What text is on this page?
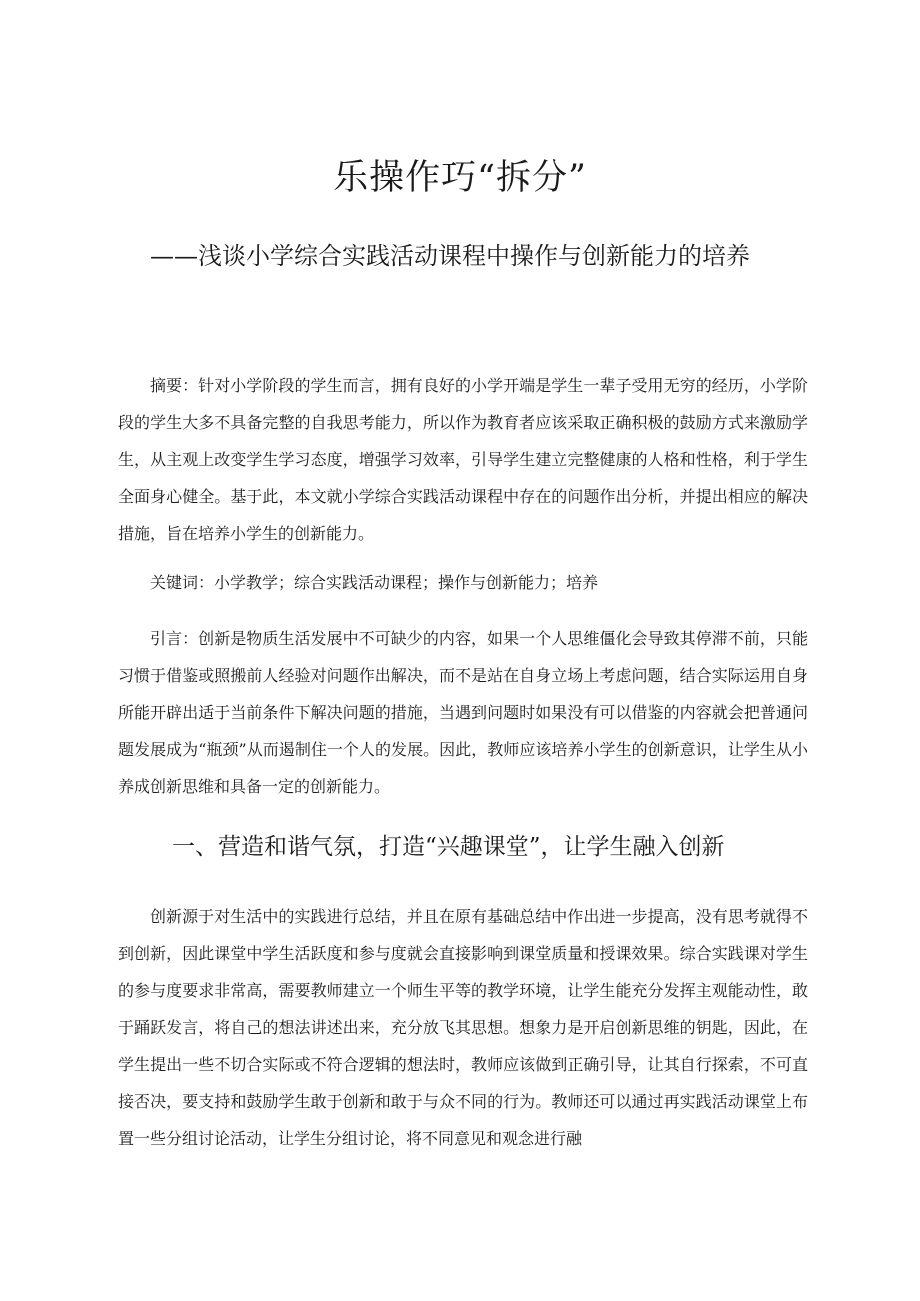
乐操作巧“拆分”
——浅谈小学综合实践活动课程中操作与创新能力的培养

摘要：针对小学阶段的学生而言，拥有良好的小学开端是学生一辈子受用无穷的经历，小学阶段的学生大多不具备完整的自我思考能力，所以作为教育者应该采取正确积极的鼓励方式来激励学生，从主观上改变学生学习态度，增强学习效率，引导学生建立完整健康的人格和性格，利于学生全面身心健全。基于此，本文就小学综合实践活动课程中存在的问题作出分析，并提出相应的解决措施，旨在培养小学生的创新能力。

关键词：小学教学；综合实践活动课程；操作与创新能力；培养

引言：创新是物质生活发展中不可缺少的内容，如果一个人思维僵化会导致其停滞不前，只能习惯于借鉴或照搬前人经验对问题作出解决，而不是站在自身立场上考虑问题，结合实际运用自身所能开辟出适于当前条件下解决问题的措施，当遇到问题时如果没有可以借鉴的内容就会把普通问题发展成为“瓶颈”从而遏制住一个人的发展。因此，教师应该培养小学生的创新意识，让学生从小养成创新思维和具备一定的创新能力。

一、营造和谐气氛，打造“兴趣课堂”，让学生融入创新

创新源于对生活中的实践进行总结，并且在原有基础总结中作出进一步提高，没有思考就得不到创新，因此课堂中学生活跃度和参与度就会直接影响到课堂质量和授课效果。综合实践课对学生的参与度要求非常高，需要教师建立一个师生平等的教学环境，让学生能充分发挥主观能动性，敢于踊跃发言，将自己的想法讲述出来，充分放飞其思想。想象力是开启创新思维的钥匙，因此，在学生提出一些不切合实际或不符合逻辑的想法时，教师应该做到正确引导，让其自行探索，不可直接否决，要支持和鼓励学生敢于创新和敢于与众不同的行为。教师还可以通过再实践活动课堂上布置一些分组讨论活动，让学生分组讨论，将不同意见和观念进行融
